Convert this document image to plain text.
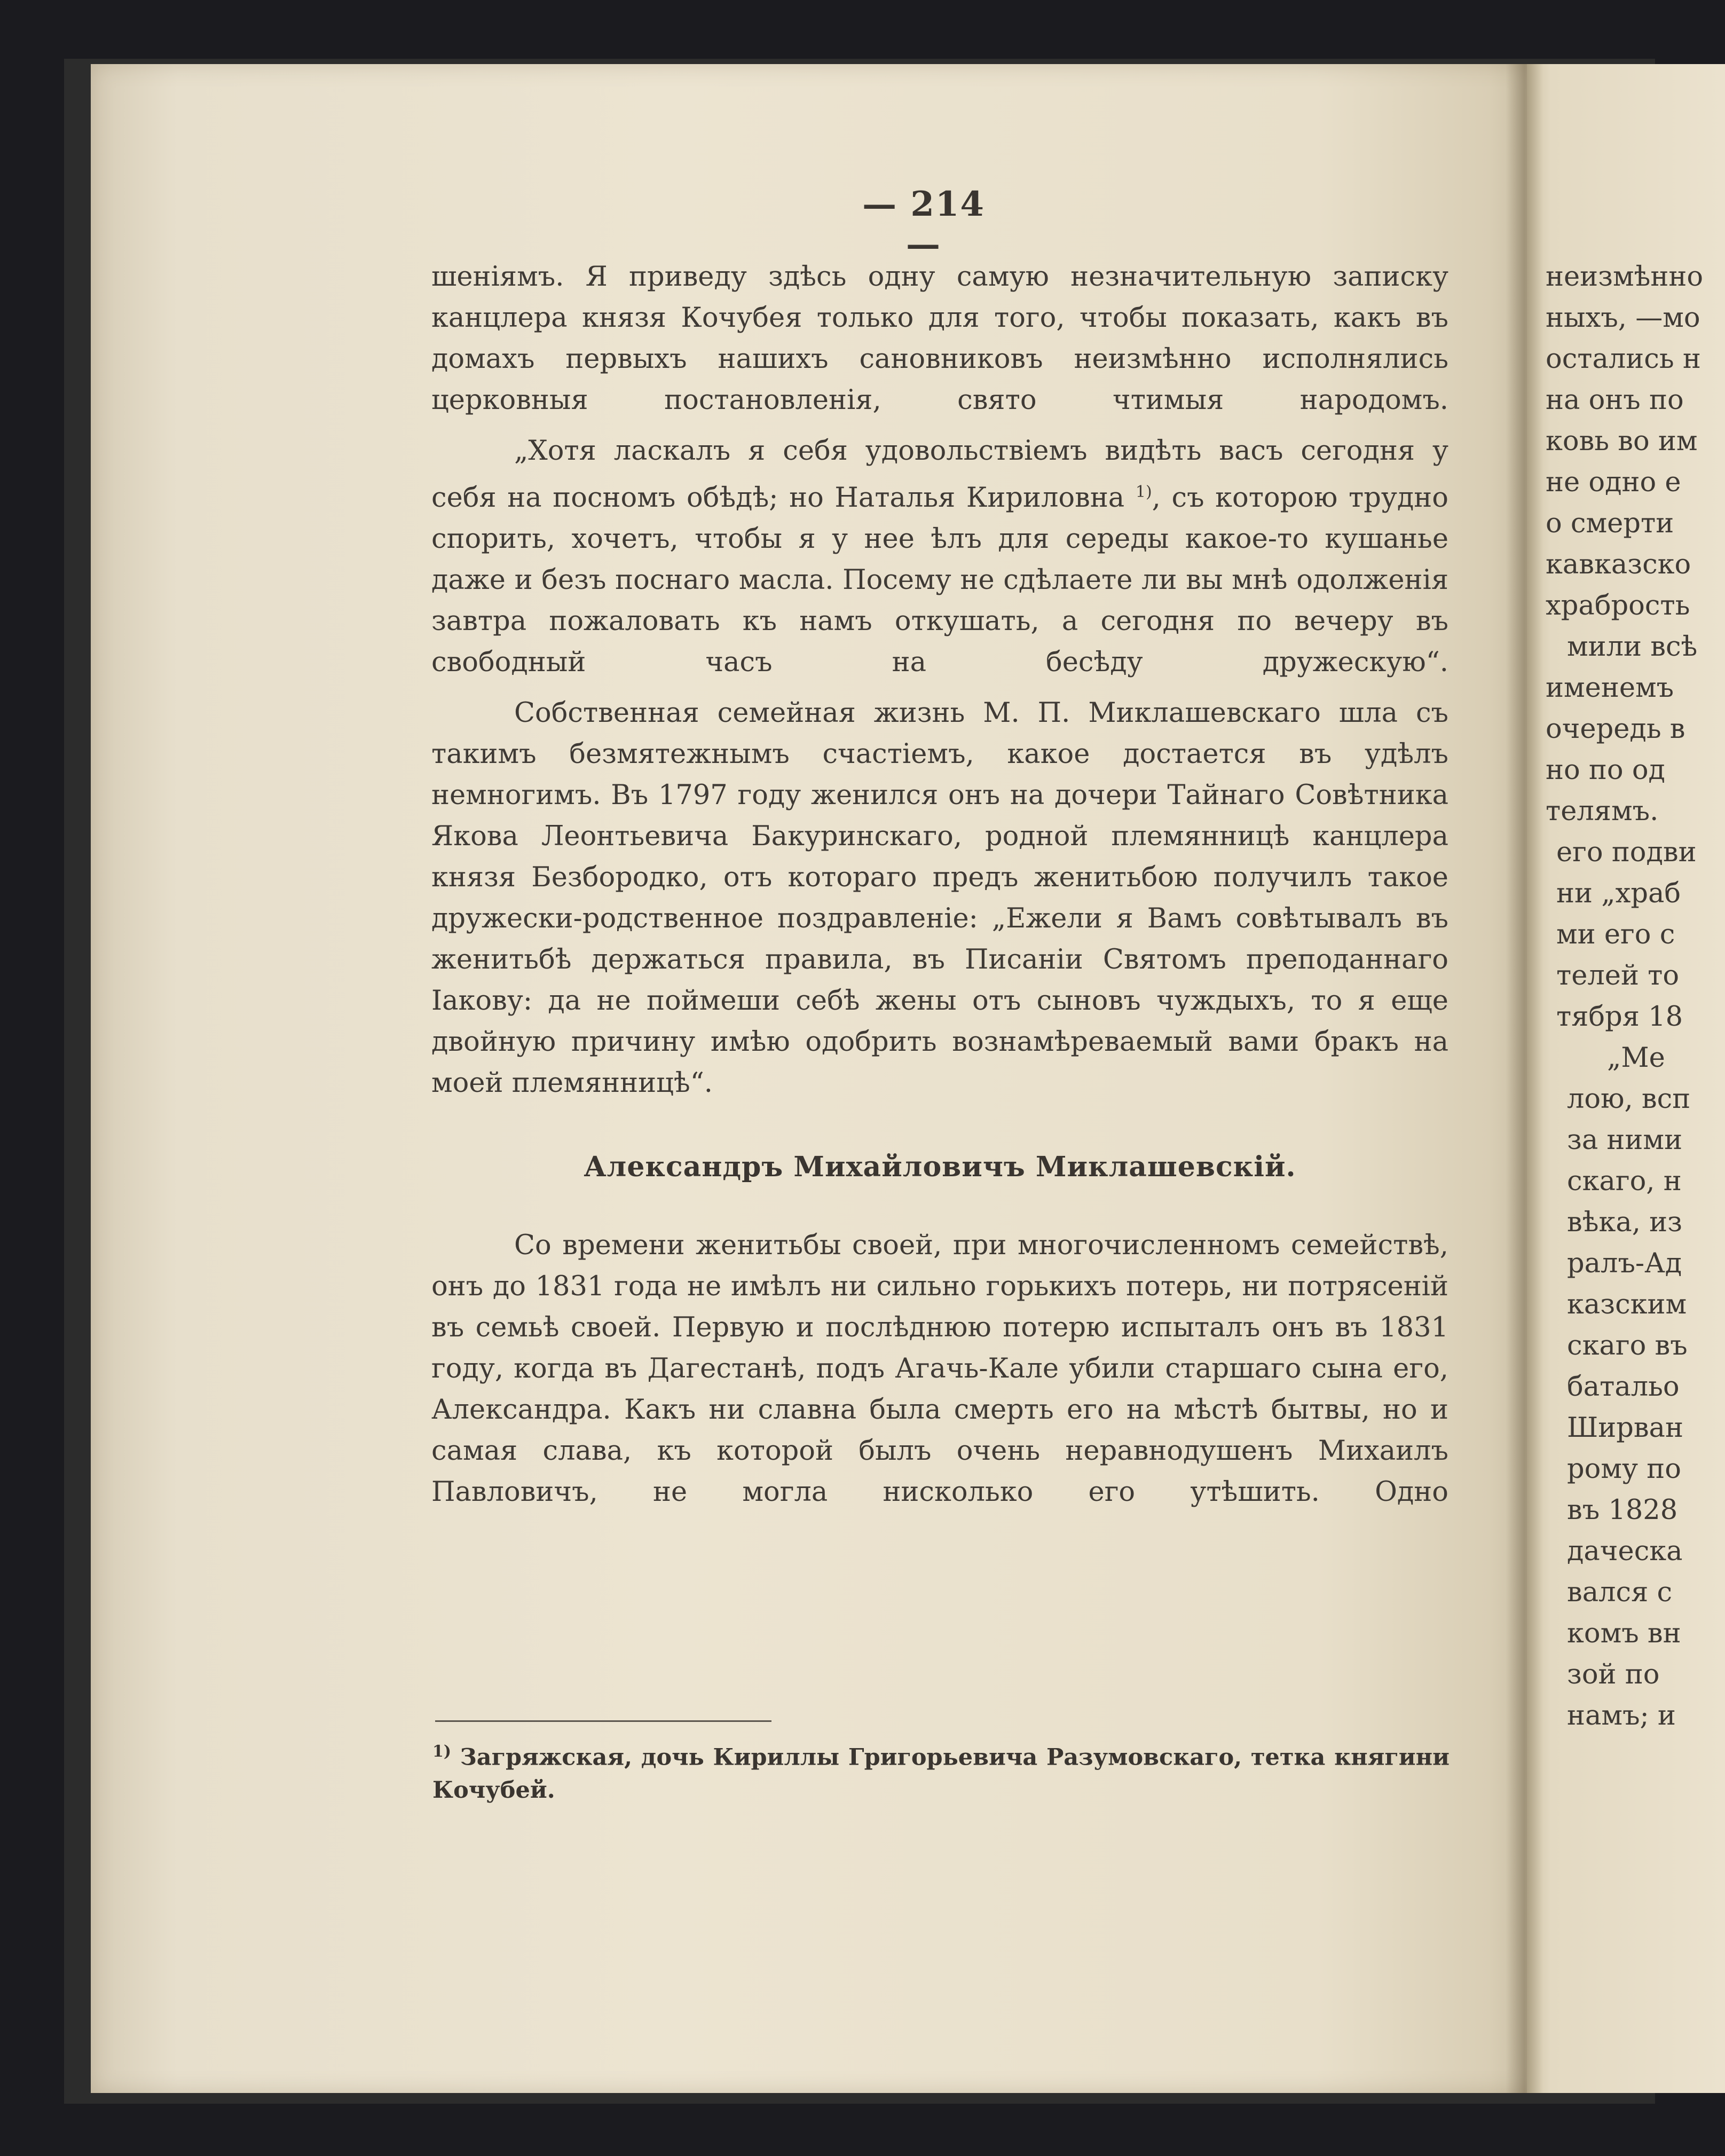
— 214 —

шеніямъ. Я приведу здѣсь одну самую незначительную записку канцлера князя Кочубея только для того, чтобы показать, какъ въ домахъ первыхъ нашихъ сановниковъ неизмѣнно исполнялись церковныя постановленія, свято чтимыя народомъ.

„Хотя ласкалъ я себя удовольствіемъ видѣть васъ сегодня у себя на посномъ обѣдѣ; но Наталья Кириловна $^{1)}$, съ которою трудно спорить, хочетъ, чтобы я у нее ѣлъ для середы какое-то кушанье даже и безъ поснаго масла. Посему не сдѣлаете ли вы мнѣ одолженія завтра пожаловать къ намъ откушать, а сегодня по вечеру въ свободный часъ на бесѣду дружескую“.

Собственная семейная жизнь М. П. Миклашевскаго шла съ такимъ безмятежнымъ счастіемъ, какое достается въ удѣлъ немногимъ. Въ 1797 году женился онъ на дочери Тайнаго Совѣтника Якова Леонтьевича Бакуринскаго, родной племянницѣ канцлера князя Безбородко, отъ котораго предъ женитьбою получилъ такое дружески-родственное поздравленіе: „Ежели я Вамъ совѣтывалъ въ женитьбѣ держаться правила, въ Писаніи Святомъ преподаннаго Іакову: да не поймеши себѣ жены отъ сыновъ чуждыхъ, то я еще двойную причину имѣю одобрить вознамѣреваемый вами бракъ на моей племянницѣ“.

Александръ Михайловичъ Миклашевскій.

Со времени женитьбы своей, при многочисленномъ семействѣ, онъ до 1831 года не имѣлъ ни сильно горькихъ потерь, ни потрясеній въ семьѣ своей. Первую и послѣднюю потерю испыталъ онъ въ 1831 году, когда въ Дагестанѣ, подъ Агачь-Кале убили старшаго сына его, Александра. Какъ ни славна была смерть его на мѣстѣ бытвы, но и самая слава, къ которой былъ очень неравнодушенъ Михаилъ Павловичъ, не могла нисколько его утѣшить. Одно

$^{1)}$ Загряжская, дочь Кириллы Григорьевича Разумовскаго, тетка княгини Кочубей.
неизмѣнно
ныхъ, —мо
остались н
на онъ по
ковь во им
не одно е
о смерти
кавказско
храбрость
мили всѣ
именемъ
очередь в
но по од
телямъ.
его подви
ни „храб
ми его с
телей то
тября 18
„Ме
лою, всп
за ними
скаго, н
вѣка, из
ралъ-Ад
казским
скаго въ
батальо
Ширван
рому по
въ 1828
даческа
вался с
комъ вн
зой по
намъ; и
